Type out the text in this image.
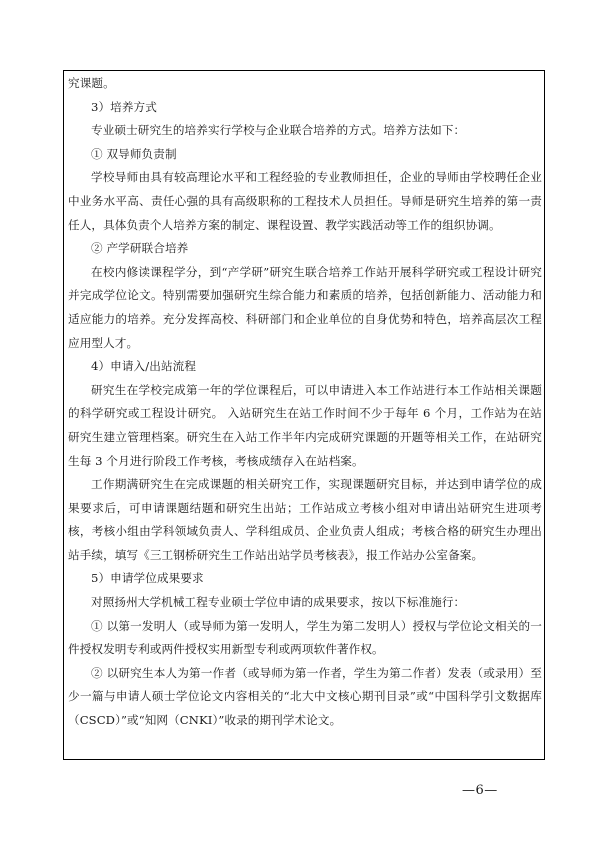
究课题。

3）培养方式

专业硕士研究生的培养实行学校与企业联合培养的方式。培养方法如下：

① 双导师负责制

学校导师由具有较高理论水平和工程经验的专业教师担任，企业的导师由学校聘任企业中业务水平高、责任心强的具有高级职称的工程技术人员担任。导师是研究生培养的第一责任人，具体负责个人培养方案的制定、课程设置、教学实践活动等工作的组织协调。

② 产学研联合培养

在校内修读课程学分，到“产学研”研究生联合培养工作站开展科学研究或工程设计研究并完成学位论文。特别需要加强研究生综合能力和素质的培养，包括创新能力、活动能力和适应能力的培养。充分发挥高校、科研部门和企业单位的自身优势和特色，培养高层次工程应用型人才。

4）申请入/出站流程

研究生在学校完成第一年的学位课程后，可以申请进入本工作站进行本工作站相关课题的科学研究或工程设计研究。 入站研究生在站工作时间不少于每年 6 个月，工作站为在站研究生建立管理档案。研究生在入站工作半年内完成研究课题的开题等相关工作，在站研究生每 3 个月进行阶段工作考核，考核成绩存入在站档案。

工作期满研究生在完成课题的相关研究工作，实现课题研究目标，并达到申请学位的成果要求后，可申请课题结题和研究生出站；工作站成立考核小组对申请出站研究生进项考核，考核小组由学科领域负责人、学科组成员、企业负责人组成；考核合格的研究生办理出站手续，填写《三工钢桥研究生工作站出站学员考核表》，报工作站办公室备案。

5）申请学位成果要求

对照扬州大学机械工程专业硕士学位申请的成果要求，按以下标准施行：

① 以第一发明人（或导师为第一发明人，学生为第二发明人）授权与学位论文相关的一件授权发明专利或两件授权实用新型专利或两项软件著作权。

② 以研究生本人为第一作者（或导师为第一作者，学生为第二作者）发表（或录用）至少一篇与申请人硕士学位论文内容相关的“北大中文核心期刊目录”或“中国科学引文数据库（CSCD）”或“知网（CNKI）”收录的期刊学术论文。

—6—
